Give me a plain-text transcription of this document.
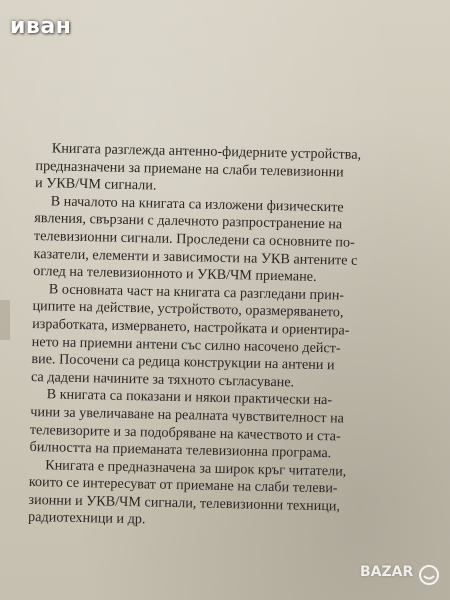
иван
Книгата разглежда антенно-фидерните устройства,
предназначени за приемане на слаби телевизионни
и УКВ/ЧМ сигнали.
В началото на книгата са изложени физическите
явления, свързани с далечното разпространение на
телевизионни сигнали. Проследени са основните по-
казатели, елементи и зависимости на УКВ антените с
оглед на телевизионното и УКВ/ЧМ приемане.
В основната част на книгата са разгледани прин-
ципите на действие, устройството, оразмеряването,
изработката, измерването, настройката и ориентира-
нето на приемни антени със силно насочено дейст-
вие. Посочени са редица конструкции на антени и
са дадени начините за тяхното съгласуване.
В книгата са показани и някои практически на-
чини за увеличаване на реалната чувствителност на
телевизорите и за подобряване на качеството и ста-
билността на приеманата телевизионна програма.
Книгата е предназначена за широк кръг читатели,
които се интересуват от приемане на слаби телеви-
зионни и УКВ/ЧМ сигнали, телевизионни техници,
радиотехници и др.
BAZAR
